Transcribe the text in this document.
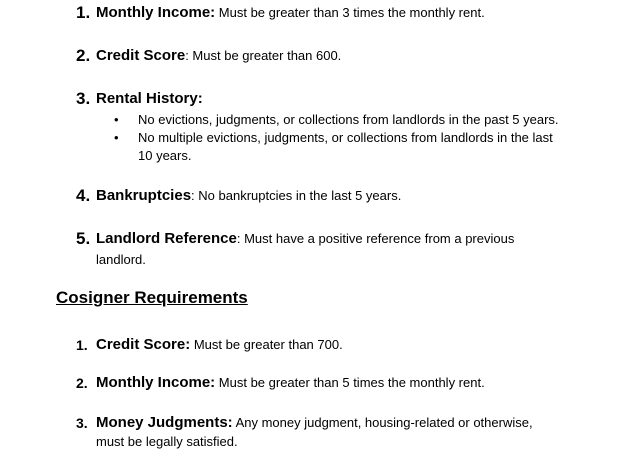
1. Monthly Income: Must be greater than 3 times the monthly rent.
2. Credit Score: Must be greater than 600.
3. Rental History:
• No evictions, judgments, or collections from landlords in the past 5 years.
• No multiple evictions, judgments, or collections from landlords in the last
10 years.
4. Bankruptcies: No bankruptcies in the last 5 years.
5. Landlord Reference: Must have a positive reference from a previous
landlord.
Cosigner Requirements
1. Credit Score: Must be greater than 700.
2. Monthly Income: Must be greater than 5 times the monthly rent.
3. Money Judgments: Any money judgment, housing-related or otherwise,
must be legally satisfied.
